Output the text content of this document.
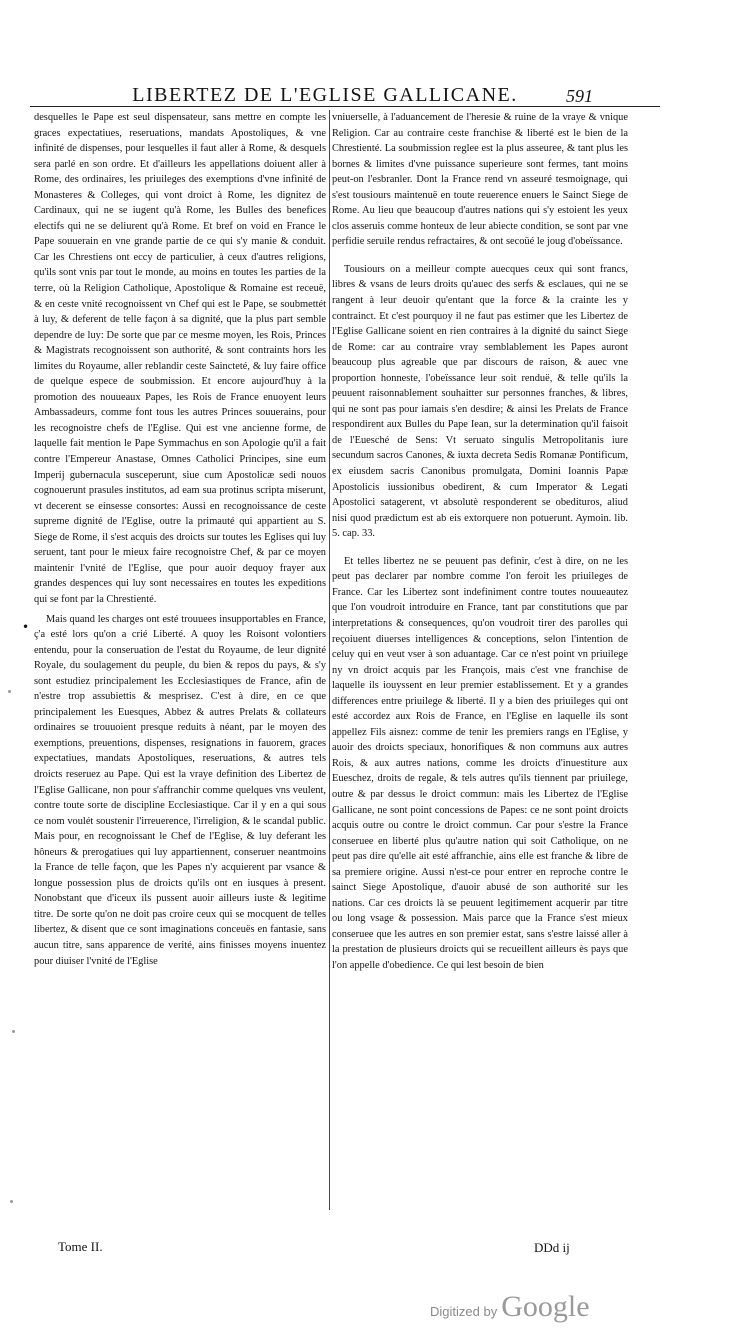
LIBERTEZ DE L'EGLISE GALLICANE.	591

desquelles le Pape est seul dispensateur, sans mettre en compte les graces expectatiues, reseruations, mandats Apostoliques, & vne infinité de dispenses, pour lesquelles il faut aller à Rome, & desquels sera parlé en son ordre. Et d'ailleurs les appellations doiuent aller à Rome, des ordinaires, les priuileges des exemptions d'vne infinité de Monasteres & Colleges, qui vont droict à Rome, les dignitez de Cardinaux, qui ne se iugent qu'à Rome, les Bulles des benefices electifs qui ne se deliurent qu'à Rome. Et bref on void en France le Pape souuerain en vne grande partie de ce qui s'y manie & conduit. Car les Chrestiens ont eccy de particulier, à ceux d'autres religions, qu'ils sont vnis par tout le monde, au moins en toutes les parties de la terre, où la Religion Catholique, Apostolique & Romaine est receuë, & en ceste vnité recognoissent vn Chef qui est le Pape, se soubmettét à luy, & deferent de telle façon à sa dignité, que la plus part semble dependre de luy: De sorte que par ce mesme moyen, les Rois, Princes & Magistrats recognoissent son authorité, & sont contraints hors les limites du Royaume, aller reblandir ceste Saincteté, & luy faire office de quelque espece de soubmission. Et encore aujourd'huy à la promotion des nouueaux Papes, les Rois de France enuoyent leurs Ambassadeurs, comme font tous les autres Princes souuerains, pour les recognoistre chefs de l'Eglise. Qui est vne ancienne forme, de laquelle fait mention le Pape Symmachus en son Apologie qu'il a fait contre l'Empereur Anastase, Omnes Catholici Principes, sine eum Imperij gubernacula susceperunt, siue cum Apostolicæ sedi nouos cognouerunt prasules institutos, ad eam sua protinus scripta miserunt, vt decerent se einsesse consortes: Aussi en recognoissance de ceste supreme dignité de l'Eglise, outre la primauté qui appartient au S. Siege de Rome, il s'est acquis des droicts sur toutes les Eglises qui luy seruent, tant pour le mieux faire recognoistre Chef, & par ce moyen maintenir l'vnité de l'Eglise, que pour auoir dequoy frayer aux grandes despences qui luy sont necessaires en toutes les expeditions qui se font par la Chrestienté.

Mais quand les charges ont esté trouuees insupportables en France, ç'a esté lors qu'on a crié Liberté. A quoy les Roisont volontiers entendu, pour la conseruation de l'estat du Royaume, de leur dignité Royale, du soulagement du peuple, du bien & repos du pays, & s'y sont estudiez principalement les Ecclesiastiques de France, afin de n'estre trop assubiettis & mesprisez. C'est à dire, en ce que principalement les Euesques, Abbez & autres Prelats & collateurs ordinaires se trouuoient presque reduits à néant, par le moyen des exemptions, preuentions, dispenses, resignations in fauorem, graces expectatiues, mandats Apostoliques, reseruations, & autres tels droicts reseruez au Pape. Qui est la vraye definition des Libertez de l'Eglise Gallicane, non pour s'affranchir comme quelques vns veulent, contre toute sorte de discipline Ecclesiastique. Car il y en a qui sous ce nom voulét soustenir l'irreuerence, l'irreligion, & le scandal public. Mais pour, en recognoissant le Chef de l'Eglise, & luy deferant les hôneurs & prerogatiues qui luy appartiennent, conseruer neantmoins la France de telle façon, que les Papes n'y acquierent par vsance & longue possession plus de droicts qu'ils ont en iusques à present. Nonobstant que d'iceux ils pussent auoir ailleurs iuste & legitime titre. De sorte qu'on ne doit pas croire ceux qui se mocquent de telles libertez, & disent que ce sont imaginations conceuës en fantasie, sans aucun titre, sans apparence de verité, ains finisses moyens inuentez pour diuiser l'vnité de l'Eglise

vniuerselle, à l'aduancement de l'heresie & ruine de la vraye & vnique Religion. Car au contraire ceste franchise & liberté est le bien de la Chrestienté. La soubmission reglee est la plus asseuree, & tant plus les bornes & limites d'vne puissance superieure sont fermes, tant moins peut-on l'esbranler. Dont la France rend vn asseuré tesmoignage, qui s'est tousiours maintenuë en toute reuerence enuers le Sainct Siege de Rome. Au lieu que beaucoup d'autres nations qui s'y estoient les yeux clos asseruis comme honteux de leur abiecte condition, se sont par vne perfidie seruile rendus refractaires, & ont secoüé le joug d'obeïssance.

Tousiours on a meilleur compte auecques ceux qui sont francs, libres & vsans de leurs droits qu'auec des serfs & esclaues, qui ne se rangent à leur deuoir qu'entant que la force & la crainte les y contrainct. Et c'est pourquoy il ne faut pas estimer que les Libertez de l'Eglise Gallicane soient en rien contraires à la dignité du sainct Siege de Rome: car au contraire vray semblablement les Papes auront beaucoup plus agreable que par discours de raison, & auec vne proportion honneste, l'obeïssance leur soit renduë, & telle qu'ils la peuuent raisonnablement souhaitter sur personnes franches, & libres, qui ne sont pas pour iamais s'en desdire; & ainsi les Prelats de France respondirent aux Bulles du Pape Iean, sur la determination qu'il faisoit de l'Euesché de Sens: Vt seruato singulis Metropolitanis iure secundum sacros Canones, & iuxta decreta Sedis Romanæ Pontificum, ex eiusdem sacris Canonibus promulgata, Domini Ioannis Papæ Apostolicis iussionibus obedirent, & cum Imperator & Legati Apostolici satagerent, vt absolutè responderent se obedituros, aliud nisi quod prædictum est ab eis extorquere non potuerunt. Aymoin. lib. 5. cap. 33.

Et telles libertez ne se peuuent pas definir, c'est à dire, on ne les peut pas declarer par nombre comme l'on feroit les priuileges de France. Car les Libertez sont indefiniment contre toutes nouueautez que l'on voudroit introduire en France, tant par constitutions que par interpretations & consequences, qu'on voudroit tirer des parolles qui reçoiuent diuerses intelligences & conceptions, selon l'intention de celuy qui en veut vser à son aduantage. Car ce n'est point vn priuilege ny vn droict acquis par les François, mais c'est vne franchise de laquelle ils iouyssent en leur premier establissement. Et y a grandes differences entre priuilege & liberté. Il y a bien des priuileges qui ont esté accordez aux Rois de France, en l'Eglise en laquelle ils sont appellez Fils aisnez: comme de tenir les premiers rangs en l'Eglise, y auoir des droicts speciaux, honorifiques & non communs aux autres Rois, & aux autres nations, comme les droicts d'inuestiture aux Eueschez, droits de regale, & tels autres qu'ils tiennent par priuilege, outre & par dessus le droict commun: mais les Libertez de l'Eglise Gallicane, ne sont point concessions de Papes: ce ne sont point droicts acquis outre ou contre le droict commun. Car pour s'estre la France conseruee en liberté plus qu'autre nation qui soit Catholique, on ne peut pas dire qu'elle ait esté affranchie, ains elle est franche & libre de sa premiere origine. Aussi n'est-ce pour entrer en reproche contre le sainct Siege Apostolique, d'auoir abusé de son authorité sur les nations. Car ces droicts là se peuuent legitimement acquerir par titre ou long vsage & possession. Mais parce que la France s'est mieux conseruee que les autres en son premier estat, sans s'estre laissé aller à la prestation de plusieurs droicts qui se recueillent ailleurs ès pays que l'on appelle d'obedience. Ce qui lest besoin de bien

•
Tome II.	DDd ij
Digitized by Google
